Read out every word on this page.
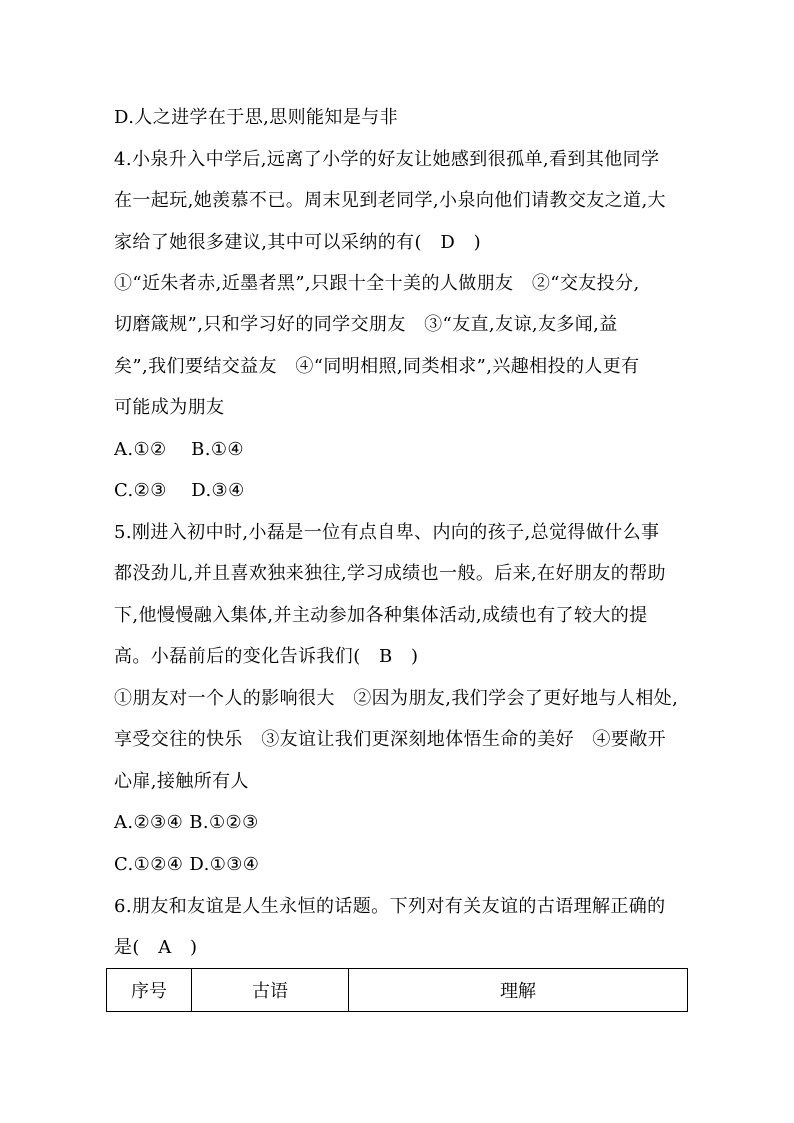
D.人之进学在于思,思则能知是与非
4.小泉升入中学后,远离了小学的好友让她感到很孤单,看到其他同学
在一起玩,她羡慕不已。周末见到老同学,小泉向他们请教交友之道,大
家给了她很多建议,其中可以采纳的有(　D　)
①“近朱者赤,近墨者黑”,只跟十全十美的人做朋友　②“交友投分,
切磨箴规”,只和学习好的同学交朋友　③“友直,友谅,友多闻,益
矣”,我们要结交益友　④“同明相照,同类相求”,兴趣相投的人更有
可能成为朋友
A.①②　 B.①④
C.②③　 D.③④
5.刚进入初中时,小磊是一位有点自卑、内向的孩子,总觉得做什么事
都没劲儿,并且喜欢独来独往,学习成绩也一般。后来,在好朋友的帮助
下,他慢慢融入集体,并主动参加各种集体活动,成绩也有了较大的提
高。小磊前后的变化告诉我们(　B　)
①朋友对一个人的影响很大　②因为朋友,我们学会了更好地与人相处,
享受交往的快乐　③友谊让我们更深刻地体悟生命的美好　④要敞开
心扉,接触所有人
A.②③④ B.①②③
C.①②④ D.①③④
6.朋友和友谊是人生永恒的话题。下列对有关友谊的古语理解正确的
是(　A　)
序号	古语	理解
